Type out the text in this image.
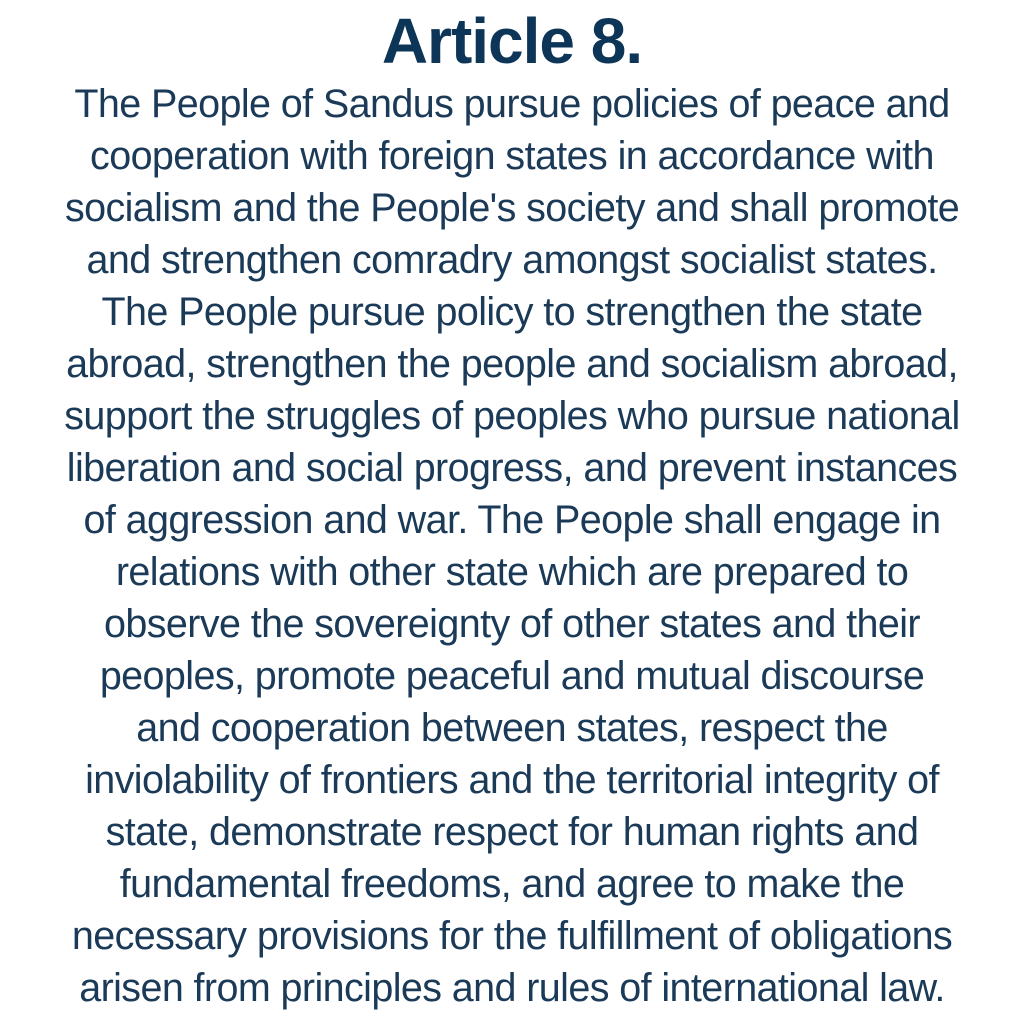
Article 8.

The People of Sandus pursue policies of peace and
cooperation with foreign states in accordance with
socialism and the People's society and shall promote
and strengthen comradry amongst socialist states.
The People pursue policy to strengthen the state
abroad, strengthen the people and socialism abroad,
support the struggles of peoples who pursue national
liberation and social progress, and prevent instances
of aggression and war. The People shall engage in
relations with other state which are prepared to
observe the sovereignty of other states and their
peoples, promote peaceful and mutual discourse
and cooperation between states, respect the
inviolability of frontiers and the territorial integrity of
state, demonstrate respect for human rights and
fundamental freedoms, and agree to make the
necessary provisions for the fulfillment of obligations
arisen from principles and rules of international law.
